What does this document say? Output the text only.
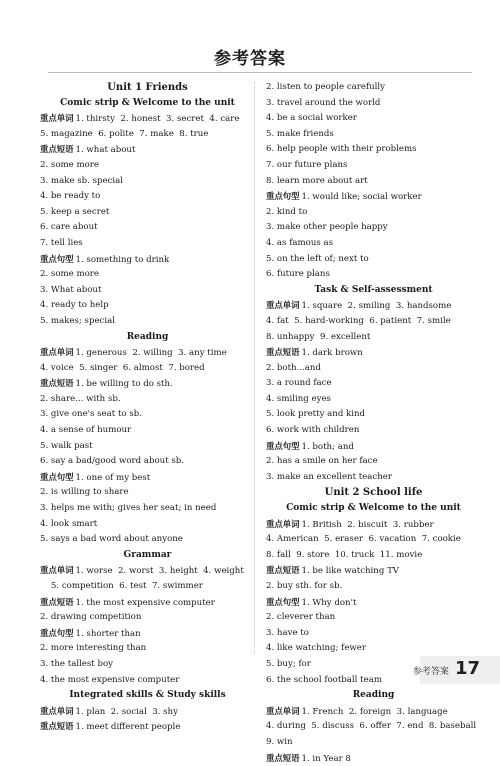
参考答案
Unit 1 Friends
Comic strip & Welcome to the unit
重点单词 1. thirsty  2. honest  3. secret  4. care
5. magazine  6. polite  7. make  8. true
重点短语 1. what about
2. some more
3. make sb. special
4. be ready to
5. keep a secret
6. care about
7. tell lies
重点句型 1. something to drink
2. some more
3. What about
4. ready to help
5. makes; special
Reading
重点单词 1. generous  2. willing  3. any time
4. voice  5. singer  6. almost  7. bored
重点短语 1. be willing to do sth.
2. share... with sb.
3. give one's seat to sb.
4. a sense of humour
5. walk past
6. say a bad/good word about sb.
重点句型 1. one of my best
2. is willing to share
3. helps me with; gives her seat; in need
4. look smart
5. says a bad word about anyone
Grammar
重点单词 1. worse  2. worst  3. height  4. weight
5. competition  6. test  7. swimmer
重点短语 1. the most expensive computer
2. drawing competition
重点句型 1. shorter than
2. more interesting than
3. the tallest boy
4. the most expensive computer
Integrated skills & Study skills
重点单词 1. plan  2. social  3. shy
重点短语 1. meet different people
2. listen to people carefully
3. travel around the world
4. be a social worker
5. make friends
6. help people with their problems
7. our future plans
8. learn more about art
重点句型 1. would like; social worker
2. kind to
3. make other people happy
4. as famous as
5. on the left of; next to
6. future plans
Task & Self-assessment
重点单词 1. square  2. smiling  3. handsome
4. fat  5. hard-working  6. patient  7. smile
8. unhappy  9. excellent
重点短语 1. dark brown
2. both...and
3. a round face
4. smiling eyes
5. look pretty and kind
6. work with children
重点句型 1. both; and
2. has a smile on her face
3. make an excellent teacher
Unit 2 School life
Comic strip & Welcome to the unit
重点单词 1. British  2. biscuit  3. rubber
4. American  5. eraser  6. vacation  7. cookie
8. fall  9. store  10. truck  11. movie
重点短语 1. be like watching TV
2. buy sth. for sb.
重点句型 1. Why don't
2. cleverer than
3. have to
4. like watching; fewer
5. buy; for
6. the school football team
Reading
重点单词 1. French  2. foreign  3. language
4. during  5. discuss  6. offer  7. end  8. baseball
9. win
重点短语 1. in Year 8
参考答案 17
